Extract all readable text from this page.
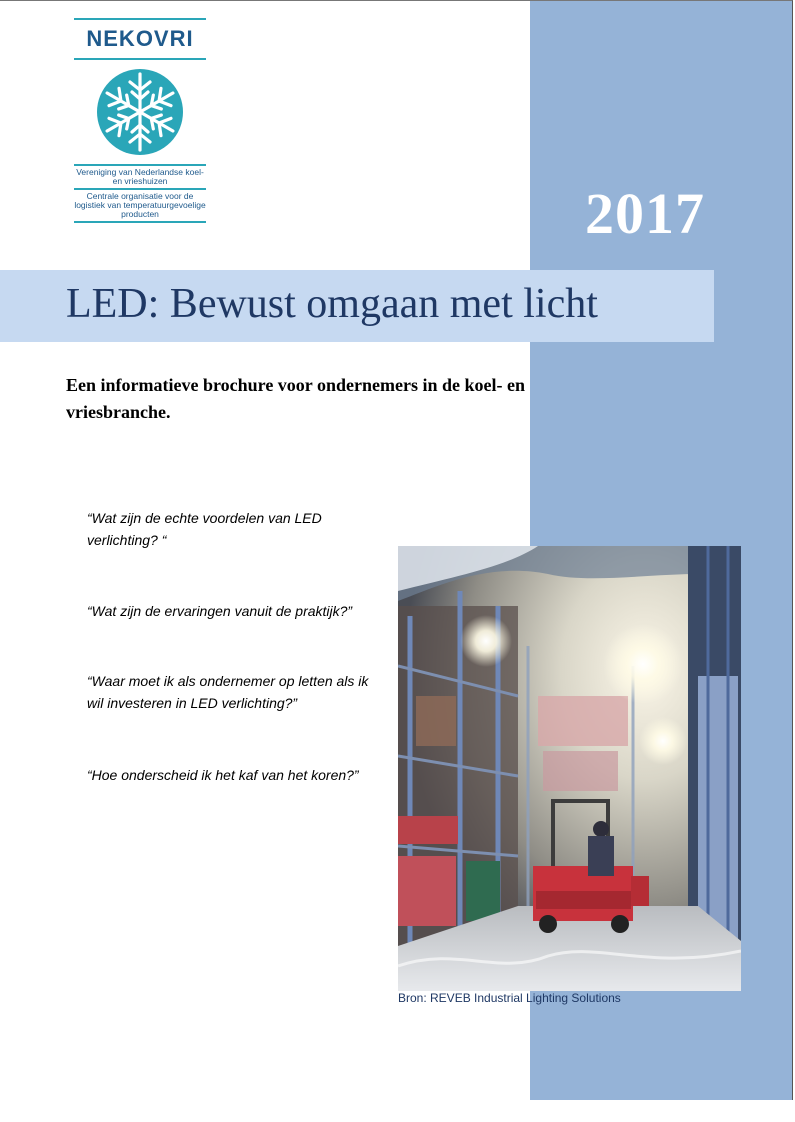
NEKOVRI
Vereniging van Nederlandse koel- en vrieshuizen
Centrale organisatie voor de logistiek van temperatuurgevoelige producten	2017
LED: Bewust omgaan met licht
Een informatieve brochure voor ondernemers in de koel- en vriesbranche.
“Wat zijn de echte voordelen van LED verlichting? “
“Wat zijn de ervaringen vanuit de praktijk?”
“Waar moet ik als ondernemer op letten als ik wil investeren in LED verlichting?”
“Hoe onderscheid ik het kaf van het koren?”
Bron: REVEB Industrial Lighting Solutions
